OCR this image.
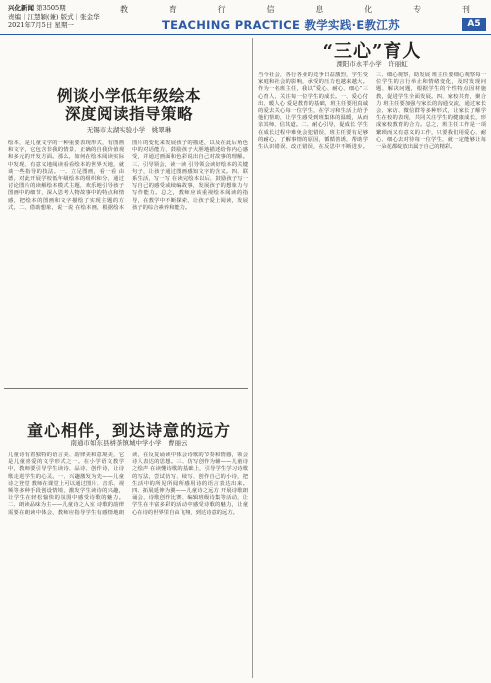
兴化新闻 第3505期
责编｜江慧颖(兼) 版式｜张金华
2021年7月5日 星期一
教	育	行	信	息	化	专	刊
TEACHING PRACTICE 教学实践·E教江苏	A5
例谈小学低年级绘本
深度阅读指导策略
无锡市太湖实验小学　姚翠琳
绘本，是儿童文学的一种重要表现形式，有图画和文字，它包含非我的情景、正确的自我价值观和多元的开发方面。那么，如何在绘本阅读实际中发现、有意义地阅读看看绘本的世界天地，就谈一些指导的技法。一、立足图画，看一看 由德，对此开展学校低年级绘本的组织和分，通过讨论图片的读解绘本模式主题，欢乐地引导孩子图画中的细节，深入思考人物故事中的特点和情感，把绘本的图画和文字描绘了实现主题的方式。二、借助想象，说一说 在绘本画，根据绘本图片的变化来发展孩子的描述，以及在此后角色中的对话能力，鼓励孩子大胆地描述给你内心感受，并通过画面和色彩说出自己对故事的理解。三、引导领会，读一读 引导领会读好绘本的关键句子，让孩子通过图画感知文字的含义。四、联系生活，写一写 在读完绘本以后，鼓励孩子写一写自己的感受或续编故事，发展孩子的想象力与写作能力。总之，教师应该重视绘本阅读的指导，在教学中不断探索，让孩子爱上阅读，发展孩子的综合素养和能力。
童心相伴，到达诗意的远方
南通市如东县栟茶镇城中学小学　曹丽云
儿童诗有着独特的语言美、韵律美和意境美，它是儿童喜爱的文学形式之一。在小学语文教学中，教师要引导学生读诗、品诗、创作诗，让诗歌走进学生的心灵。一、兴趣激发为先——儿童诗之登堂 教师在课堂上可以通过图片、音乐、视频等多种手段创设情境，激发学生读诗的兴趣，让学生在轻松愉快的氛围中感受诗歌的魅力。二、朗读品味为主——儿童诗之入室 诗歌的韵律需要在朗读中体会，教师应指导学生有感情地朗读，在反复诵读中体会诗歌的节奏和情感，领会诗人表达的思想。三、仿写创作为辅——儿童诗之绘声 在读懂诗歌的基础上，引导学生学习诗歌的写法，尝试仿写、续写、创作自己的小诗，把生活中的所见所闻所感用诗的语言表达出来。四、拓展延伸为翼——儿童诗之远方 开展诗歌朗诵会、诗歌创作比赛、编辑班级诗集等活动，让学生在丰富多彩的活动中感受诗歌的魅力，让童心在诗的世界里自由飞翔，到达诗意的远方。
“三心”育人
溧阳市永平小学　许丽虹
当今社会，各行各业的竞争日益激烈，学生受家庭和社会的影响，承受的压力也越来越大。作为一名班主任，我以“爱心、耐心、细心”三心育人，关注每一位学生的成长。一、爱心付出，暖人心 爱是教育的基础，班主任要用真诚的爱去关心每一位学生，在学习和生活上给予他们帮助，让学生感受到班集体的温暖，从而亲其师、信其道。二、耐心引导，促成长 学生在成长过程中难免会犯错误，班主任要有足够的耐心，了解事情的原因，循循善诱，帮助学生认识错误、改正错误，在反思中不断进步。三、细心观察，助发展 班主任要细心观察每一位学生的言行举止和情绪变化，及时发现问题、解决问题，根据学生的个性特点因材施教，促进学生全面发展。四、家校共育，聚合力 班主任要加强与家长的沟通交流，通过家长会、家访、微信群等多种形式，让家长了解学生在校的表现，共同关注学生的健康成长，形成家校教育的合力。总之，班主任工作是一项繁琐而又有意义的工作，只要我们用爱心、耐心、细心去对待每一位学生，就一定能够让每一朵花都绽放出属于自己的精彩。
